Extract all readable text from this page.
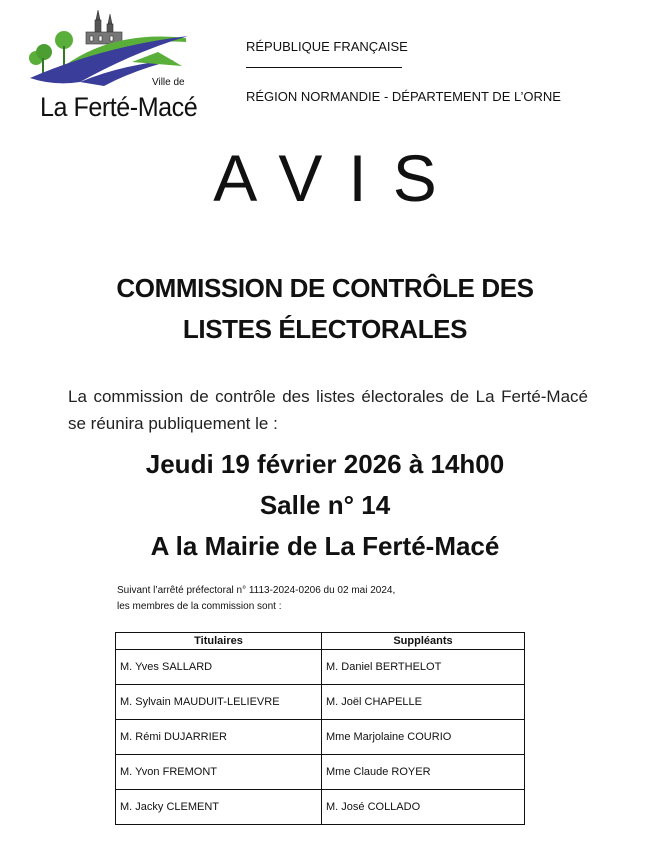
Ville de
La Ferté-Macé
RÉPUBLIQUE FRANÇAISE
RÉGION NORMANDIE - DÉPARTEMENT DE L’ORNE
AVIS
COMMISSION DE CONTRÔLE DES
LISTES ÉLECTORALES
La commission de contrôle des listes électorales de La Ferté-Macé se réunira publiquement le :
Jeudi 19 février 2026 à 14h00
Salle n° 14
A la Mairie de La Ferté-Macé
Suivant l’arrêté préfectoral n° 1113-2024-0206 du 02 mai 2024,
les membres de la commission sont :
Titulaires	Suppléants
M. Yves SALLARD	M. Daniel BERTHELOT
M. Sylvain MAUDUIT-LELIEVRE	M. Joël CHAPELLE
M. Rémi DUJARRIER	Mme Marjolaine COURIO
M. Yvon FREMONT	Mme Claude ROYER
M. Jacky CLEMENT	M. José COLLADO
